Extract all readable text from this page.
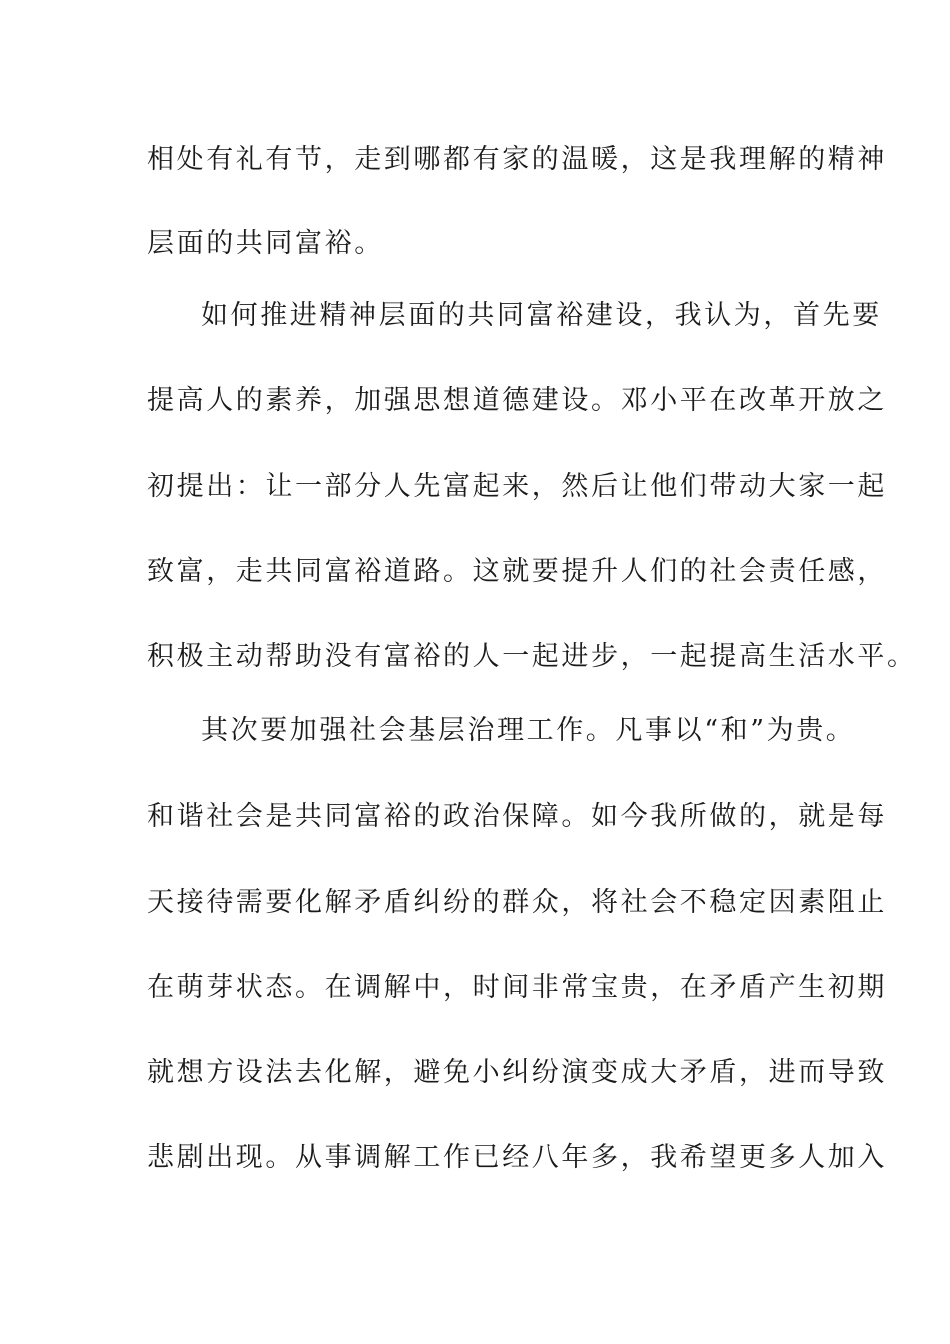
相处有礼有节，走到哪都有家的温暖，这是我理解的精神
层面的共同富裕。
如何推进精神层面的共同富裕建设，我认为，首先要
提高人的素养，加强思想道德建设。邓小平在改革开放之
初提出：让一部分人先富起来，然后让他们带动大家一起
致富，走共同富裕道路。这就要提升人们的社会责任感，
积极主动帮助没有富裕的人一起进步，一起提高生活水平。
其次要加强社会基层治理工作。凡事以“和”为贵。
和谐社会是共同富裕的政治保障。如今我所做的，就是每
天接待需要化解矛盾纠纷的群众，将社会不稳定因素阻止
在萌芽状态。在调解中，时间非常宝贵，在矛盾产生初期
就想方设法去化解，避免小纠纷演变成大矛盾，进而导致
悲剧出现。从事调解工作已经八年多，我希望更多人加入
